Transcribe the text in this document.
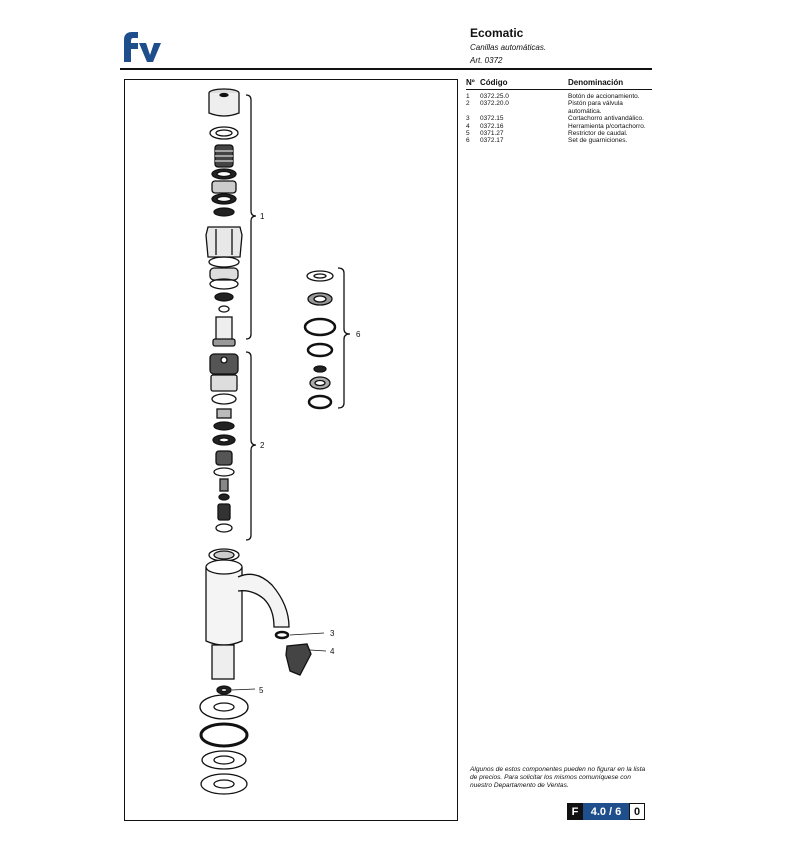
Ecomatic
Canillas automáticas.
Art. 0372
1
2
3
4
5
6
Nº Código	Denominación
1	0372.25.0	Botón de accionamiento.
2	0372.20.0	Pistón para válvula
automática.
3	0372.15	Cortachorro antivandálico.
4	0372.16	Herramienta p/cortachorro.
5	0371.27	Restrictor de caudal.
6	0372.17	Set de guarniciones.
Algunos de estos componentes pueden no figurar en la lista de precios. Para solicitar los mismos comuníquese con nuestro Departamento de Ventas.
F	4.0 / 6	0
